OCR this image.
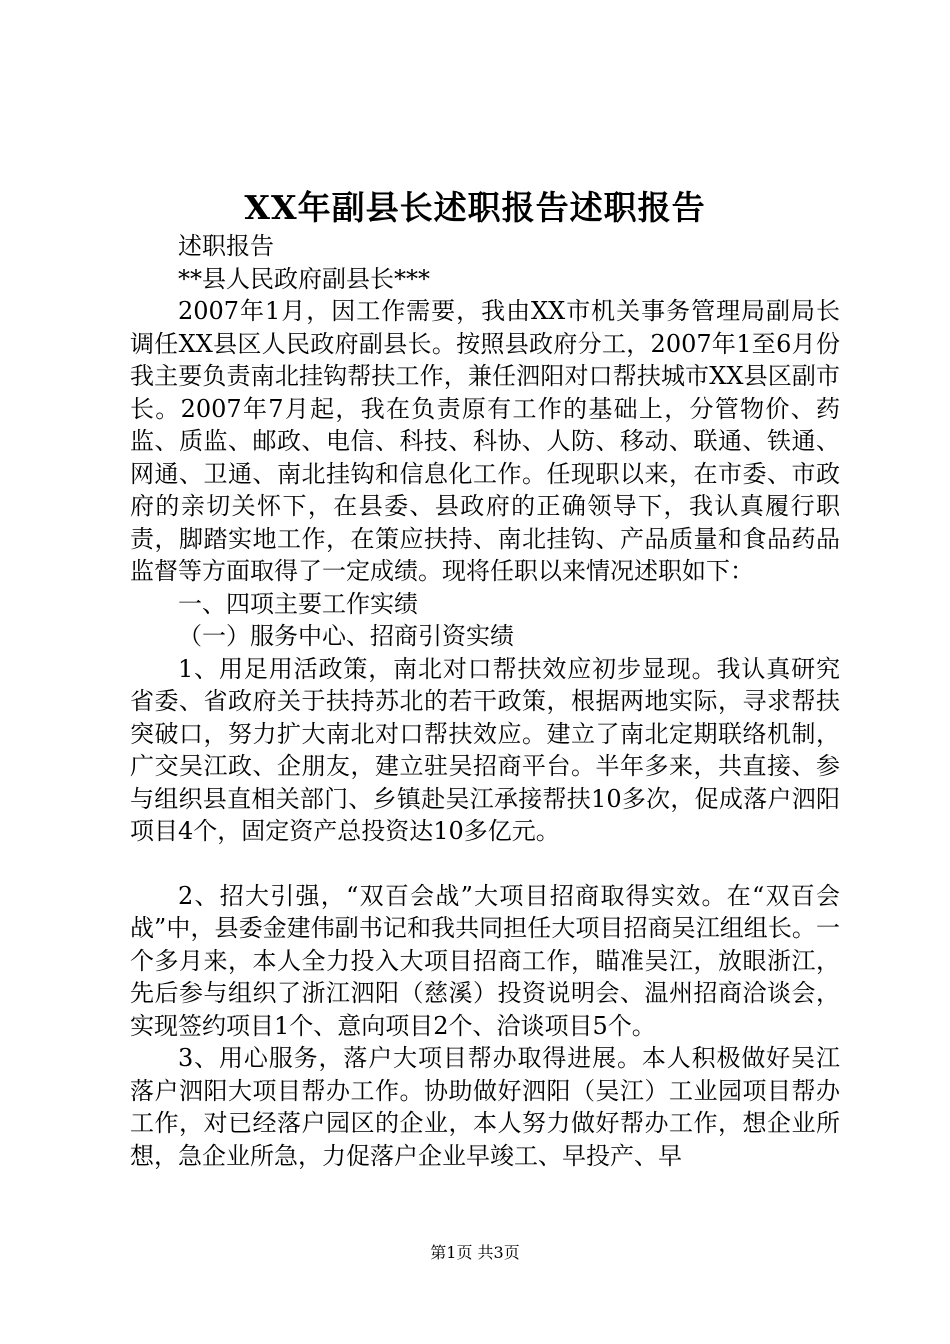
XX年副县长述职报告述职报告

述职报告

**县人民政府副县长***

2007年1月，因工作需要，我由XX市机关事务管理局副局长调任XX县区人民政府副县长。按照县政府分工，2007年1至6月份我主要负责南北挂钩帮扶工作，兼任泗阳对口帮扶城市XX县区副市长。2007年7月起，我在负责原有工作的基础上，分管物价、药监、质监、邮政、电信、科技、科协、人防、移动、联通、铁通、网通、卫通、南北挂钩和信息化工作。任现职以来，在市委、市政府的亲切关怀下，在县委、县政府的正确领导下，我认真履行职责，脚踏实地工作，在策应扶持、南北挂钩、产品质量和食品药品监督等方面取得了一定成绩。现将任职以来情况述职如下：

一、四项主要工作实绩

（一）服务中心、招商引资实绩

1、用足用活政策，南北对口帮扶效应初步显现。我认真研究省委、省政府关于扶持苏北的若干政策，根据两地实际，寻求帮扶突破口，努力扩大南北对口帮扶效应。建立了南北定期联络机制，广交吴江政、企朋友，建立驻吴招商平台。半年多来，共直接、参与组织县直相关部门、乡镇赴吴江承接帮扶10多次，促成落户泗阳项目4个，固定资产总投资达10多亿元。

2、招大引强，“双百会战”大项目招商取得实效。在“双百会战”中，县委金建伟副书记和我共同担任大项目招商吴江组组长。一个多月来，本人全力投入大项目招商工作，瞄准吴江，放眼浙江，先后参与组织了浙江泗阳（慈溪）投资说明会、温州招商洽谈会，实现签约项目1个、意向项目2个、洽谈项目5个。

3、用心服务，落户大项目帮办取得进展。本人积极做好吴江落户泗阳大项目帮办工作。协助做好泗阳（吴江）工业园项目帮办工作，对已经落户园区的企业，本人努力做好帮办工作，想企业所想，急企业所急，力促落户企业早竣工、早投产、早

第1页 共3页
